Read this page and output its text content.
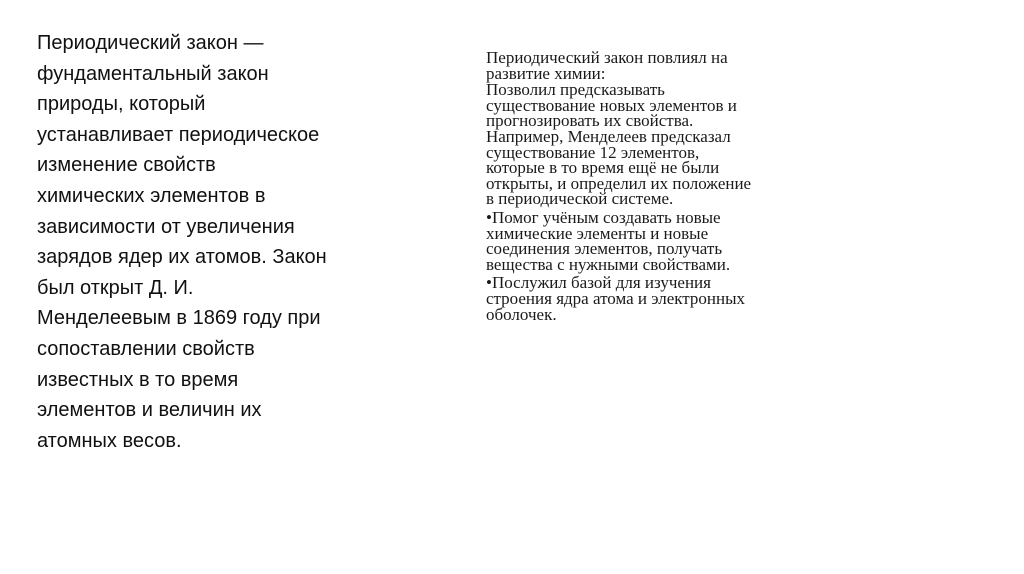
Периодический закон —
фундаментальный закон
природы, который
устанавливает периодическое
изменение свойств
химических элементов в
зависимости от увеличения
зарядов ядер их атомов. Закон
был открыт Д. И.
Менделеевым в 1869 году при
сопоставлении свойств
известных в то время
элементов и величин их
атомных весов.
Периодический закон повлиял на
развитие химии:
Позволил предсказывать
существование новых элементов и
прогнозировать их свойства.
Например, Менделеев предсказал
существование 12 элементов,
которые в то время ещё не были
открыты, и определил их положение
в периодической системе.
•Помог учёным создавать новые
химические элементы и новые
соединения элементов, получать
вещества с нужными свойствами.
•Послужил базой для изучения
строения ядра атома и электронных
оболочек.
